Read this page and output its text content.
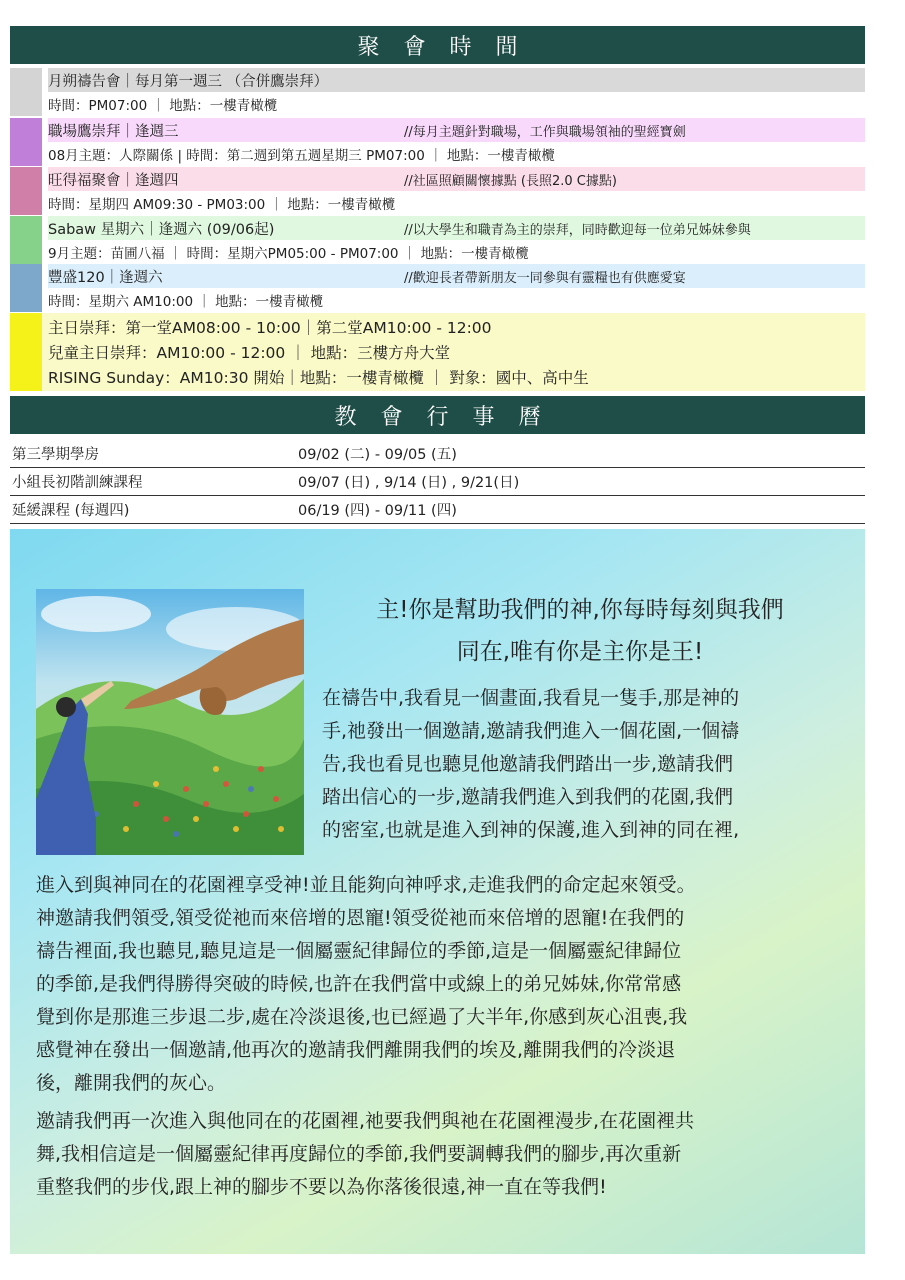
聚會時間
月朔禱告會｜每月第一週三 （合併鷹崇拜）
時間：PM07:00 ｜ 地點：一樓青橄欖
職場鷹崇拜｜逢週三	//每月主題針對職場，工作與職場領袖的聖經寶劍
08月主題：人際關係 | 時間：第二週到第五週星期三 PM07:00 ｜ 地點：一樓青橄欖
旺得福聚會｜逢週四	//社區照顧關懷據點 (長照2.0 C據點)
時間：星期四 AM09:30 - PM03:00 ｜ 地點：一樓青橄欖
Sabaw 星期六｜逢週六 (09/06起)	//以大學生和職青為主的崇拜，同時歡迎每一位弟兄姊妹參與
9月主題：苗圃八福 ｜ 時間：星期六PM05:00 - PM07:00 ｜ 地點：一樓青橄欖
豐盛120｜逢週六	//歡迎長者帶新朋友一同參與有靈糧也有供應愛宴
時間：星期六 AM10:00 ｜ 地點：一樓青橄欖
主日崇拜：第一堂AM08:00 - 10:00｜第二堂AM10:00 - 12:00
兒童主日崇拜：AM10:00 - 12:00 ｜ 地點：三樓方舟大堂
RISING Sunday：AM10:30 開始｜地點：一樓青橄欖 ｜ 對象：國中、高中生
教會行事曆
第三學期學房	09/02 (二) - 09/05 (五)
小組長初階訓練課程	09/07 (日) , 9/14 (日) , 9/21(日)
延緩課程 (每週四)	06/19 (四) - 09/11 (四)
主!你是幫助我們的神,你每時每刻與我們
同在,唯有你是主你是王!
在禱告中,我看見一個畫面,我看見一隻手,那是神的
手,祂發出一個邀請,邀請我們進入一個花園,一個禱
告,我也看見也聽見他邀請我們踏出一步,邀請我們
踏出信心的一步,邀請我們進入到我們的花園,我們
的密室,也就是進入到神的保護,進入到神的同在裡,
進入到與神同在的花園裡享受神!並且能夠向神呼求,走進我們的命定起來領受。
神邀請我們領受,領受從祂而來倍增的恩寵!領受從祂而來倍增的恩寵!在我們的
禱告裡面,我也聽見,聽見這是一個屬靈紀律歸位的季節,這是一個屬靈紀律歸位
的季節,是我們得勝得突破的時候,也許在我們當中或線上的弟兄姊妹,你常常感
覺到你是那進三步退二步,處在冷淡退後,也已經過了大半年,你感到灰心沮喪,我
感覺神在發出一個邀請,他再次的邀請我們離開我們的埃及,離開我們的冷淡退
後，離開我們的灰心。
邀請我們再一次進入與他同在的花園裡,祂要我們與祂在花園裡漫步,在花園裡共
舞,我相信這是一個屬靈紀律再度歸位的季節,我們要調轉我們的腳步,再次重新
重整我們的步伐,跟上神的腳步不要以為你落後很遠,神一直在等我們!
